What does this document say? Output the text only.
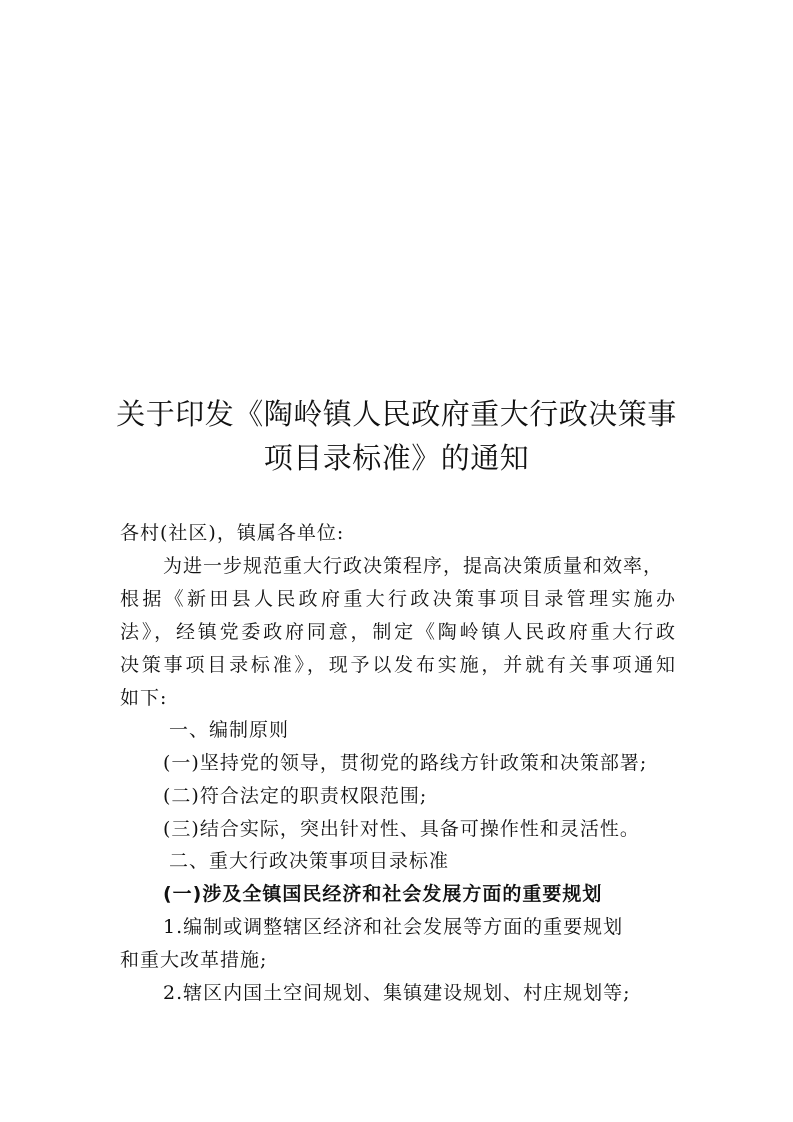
关于印发《陶岭镇人民政府重大行政决策事
项目录标准》的通知
各村(社区)，镇属各单位:
为进一步规范重大行政决策程序，提高决策质量和效率，
根据《新田县人民政府重大行政决策事项目录管理实施办
法》，经镇党委政府同意，制定《陶岭镇人民政府重大行政
决策事项目录标准》，现予以发布实施，并就有关事项通知
如下:
一、编制原则
(一)坚持党的领导，贯彻党的路线方针政策和决策部署;
(二)符合法定的职责权限范围;
(三)结合实际，突出针对性、具备可操作性和灵活性。
二、重大行政决策事项目录标准
(一)涉及全镇国民经济和社会发展方面的重要规划
1.编制或调整辖区经济和社会发展等方面的重要规划
和重大改革措施;
2.辖区内国土空间规划、集镇建设规划、村庄规划等;
